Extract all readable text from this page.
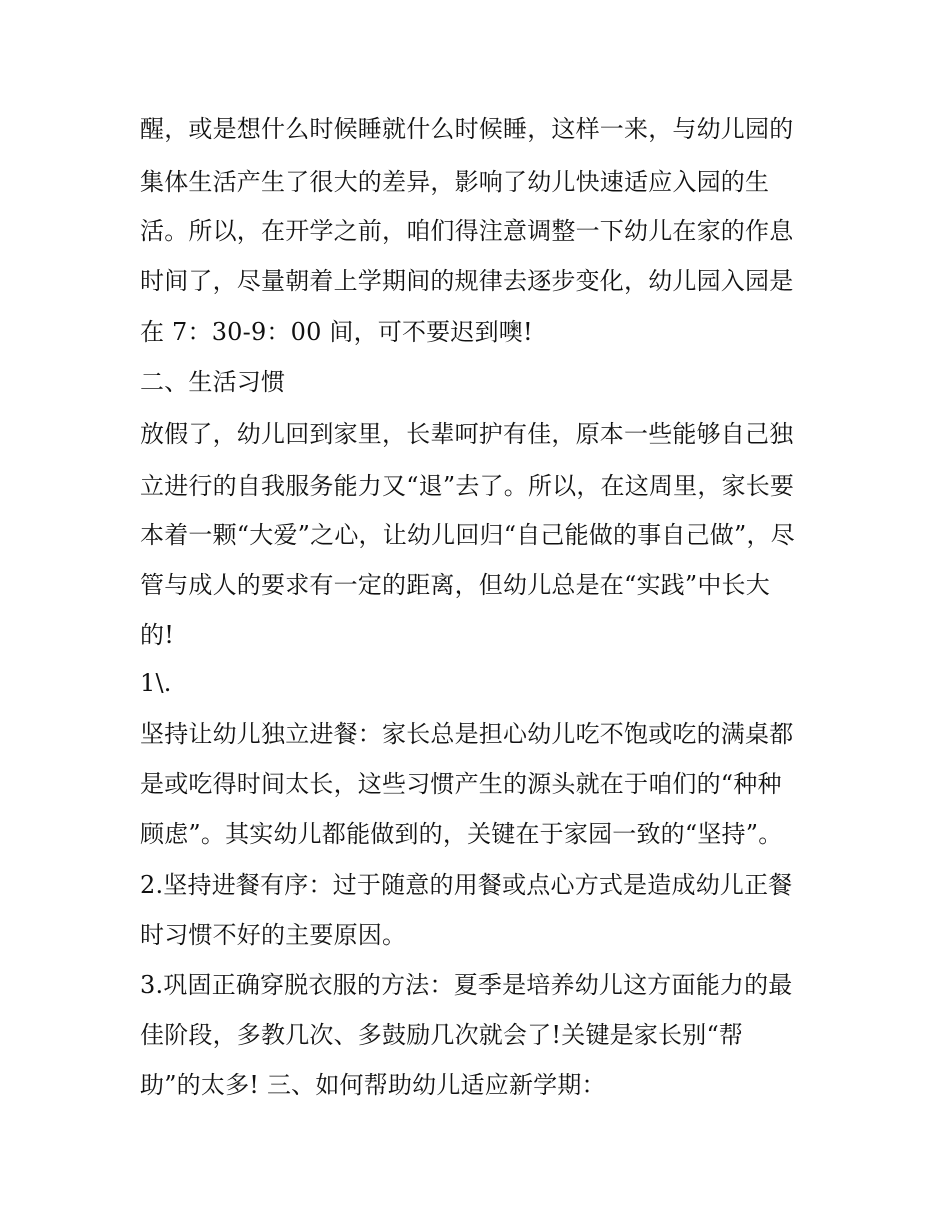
醒，或是想什么时候睡就什么时候睡，这样一来，与幼儿园的
集体生活产生了很大的差异，影响了幼儿快速适应入园的生
活。所以，在开学之前，咱们得注意调整一下幼儿在家的作息
时间了，尽量朝着上学期间的规律去逐步变化，幼儿园入园是
在 7：30-9：00 间，可不要迟到噢!
二、生活习惯
放假了，幼儿回到家里，长辈呵护有佳，原本一些能够自己独
立进行的自我服务能力又“退”去了。所以，在这周里，家长要
本着一颗“大爱”之心，让幼儿回归“自己能做的事自己做”，尽
管与成人的要求有一定的距离，但幼儿总是在“实践”中长大
的!
1\.
坚持让幼儿独立进餐：家长总是担心幼儿吃不饱或吃的满桌都
是或吃得时间太长，这些习惯产生的源头就在于咱们的“种种
顾虑”。其实幼儿都能做到的，关键在于家园一致的“坚持”。
2.坚持进餐有序：过于随意的用餐或点心方式是造成幼儿正餐
时习惯不好的主要原因。
3.巩固正确穿脱衣服的方法：夏季是培养幼儿这方面能力的最
佳阶段，多教几次、多鼓励几次就会了!关键是家长别“帮
助”的太多! 三、如何帮助幼儿适应新学期：
